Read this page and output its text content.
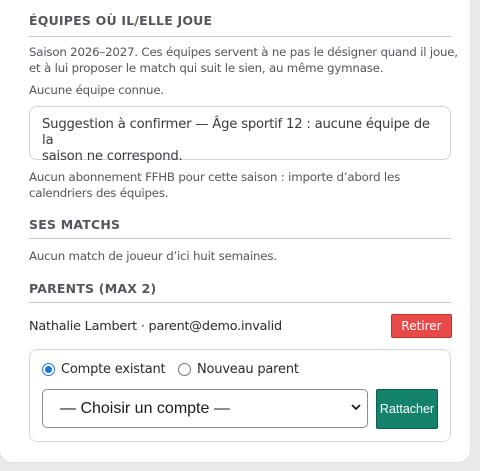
ÉQUIPES OÙ IL/ELLE JOUE
Saison 2026–2027. Ces équipes servent à ne pas le désigner quand il joue,
et à lui proposer le match qui suit le sien, au même gymnase.
Aucune équipe connue.
Suggestion à confirmer — Âge sportif 12 : aucune équipe de la
saison ne correspond.
Aucun abonnement FFHB pour cette saison : importe d’abord les
calendriers des équipes.
SES MATCHS
Aucun match de joueur d’ici huit semaines.
PARENTS (MAX 2)
Nathalie Lambert · parent@demo.invalid	Retirer
Compte existant Nouveau parent
— Choisir un compte —	Rattacher
